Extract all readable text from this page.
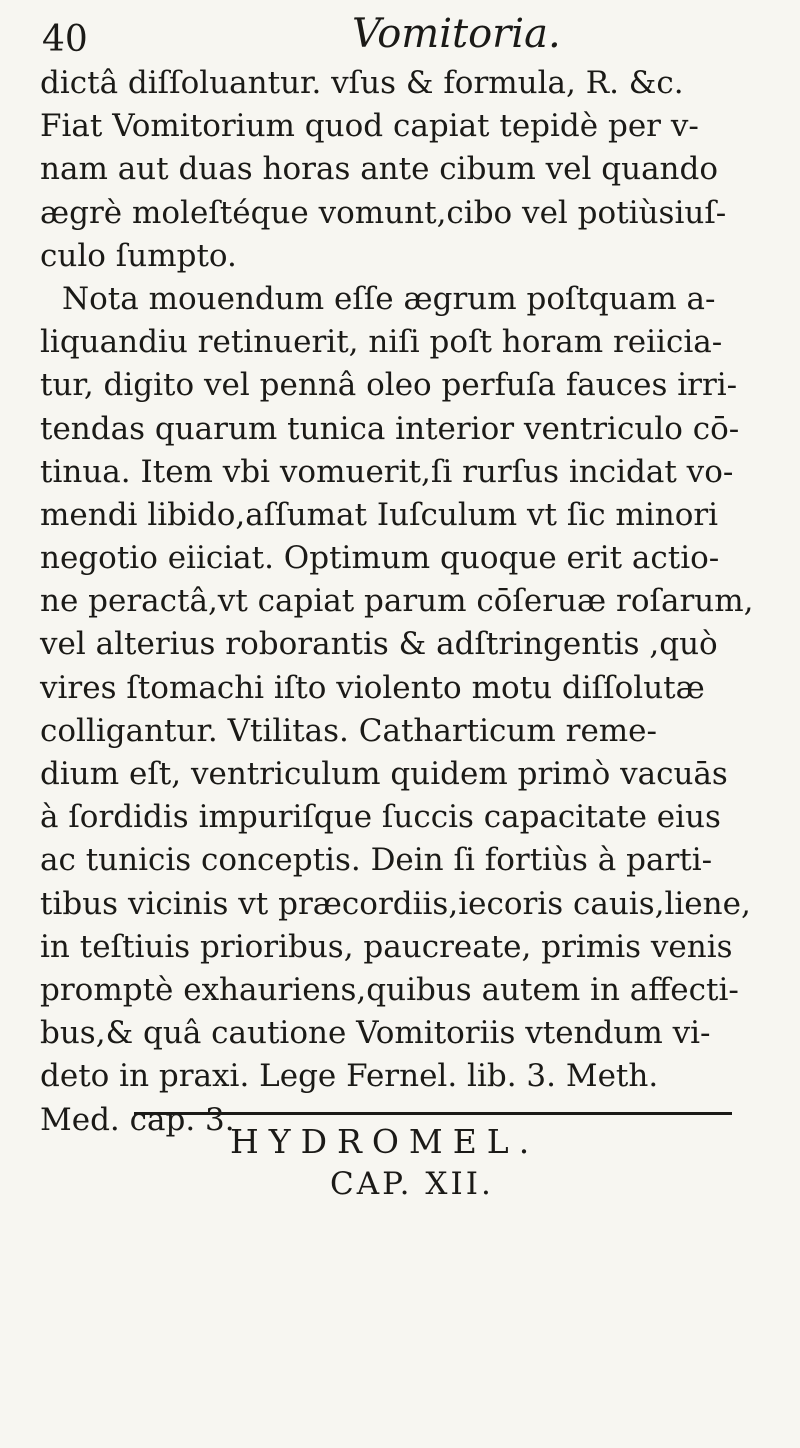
40	Vomitoria.
dictâ diſſoluantur. vſus & formula, R. &c.
Fiat Vomitorium quod capiat tepidè per v-
nam aut duas horas ante cibum vel quando
ægrè moleſtéque vomunt,cibo vel potiùsiuſ-
culo ſumpto.
Nota mouendum eſſe ægrum poſtquam a-
liquandiu retinuerit, niſi poſt horam reiicia-
tur, digito vel pennâ oleo perfuſa fauces irri-
tendas quarum tunica interior ventriculo cō-
tinua. Item vbi vomuerit,ſi rurſus incidat vo-
mendi libido,aſſumat Iuſculum vt ſic minori
negotio eiiciat. Optimum quoque erit actio-
ne peractâ,vt capiat parum cōſeruæ roſarum,
vel alterius roborantis & adſtringentis ,quò
vires ſtomachi iſto violento motu diſſolutæ
colligantur. Vtilitas. Catharticum reme-
dium eſt, ventriculum quidem primò vacuās
à ſordidis impuriſque ſuccis capacitate eius
ac tunicis conceptis. Dein ſi fortiùs à parti-
tibus vicinis vt præcordiis,iecoris cauis,liene,
in teſtiuis prioribus, paucreate, primis venis
promptè exhauriens,quibus autem in affecti-
bus,& quâ cautione Vomitoriis vtendum vi-
deto in praxi. Lege Fernel. lib. 3. Meth.
Med. cap. 3.
HYDROMEL.
CAP. XII.
